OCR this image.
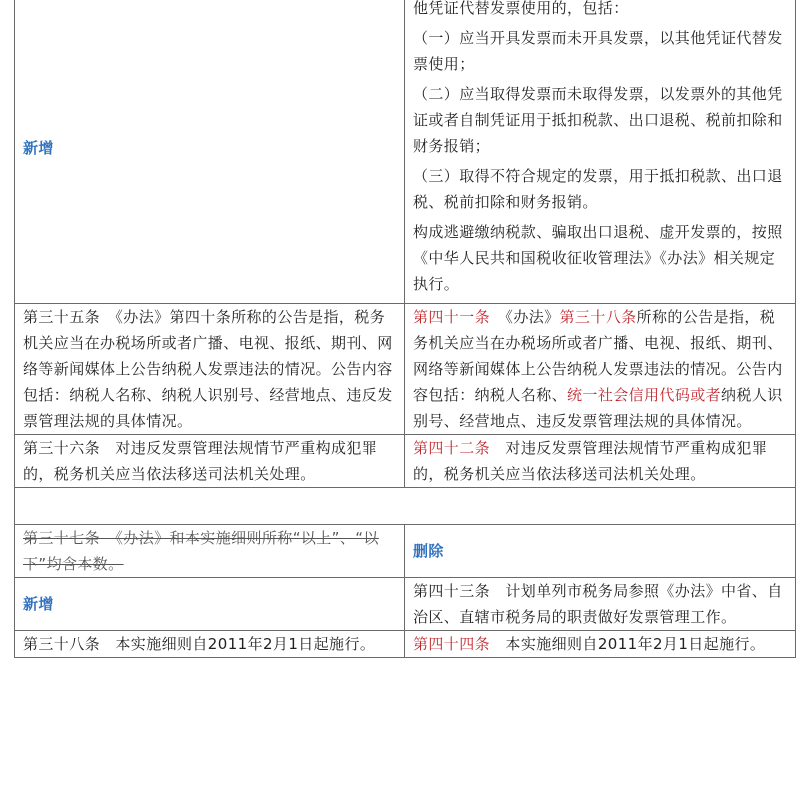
新增	他凭证代替发票使用的，包括：

（一）应当开具发票而未开具发票，以其他凭证代替发票使用；

（二）应当取得发票而未取得发票，以发票外的其他凭证或者自制凭证用于抵扣税款、出口退税、税前扣除和财务报销；

（三）取得不符合规定的发票，用于抵扣税款、出口退税、税前扣除和财务报销。

构成逃避缴纳税款、骗取出口退税、虚开发票的，按照《中华人民共和国税收征收管理法》《办法》相关规定执行。

第三十五条　《办法》第四十条所称的公告是指，税务机关应当在办税场所或者广播、电视、报纸、期刊、网络等新闻媒体上公告纳税人发票违法的情况。公告内容包括：纳税人名称、纳税人识别号、经营地点、违反发票管理法规的具体情况。	第四十一条　《办法》第三十八条所称的公告是指，税务机关应当在办税场所或者广播、电视、报纸、期刊、网络等新闻媒体上公告纳税人发票违法的情况。公告内容包括：纳税人名称、统一社会信用代码或者纳税人识别号、经营地点、违反发票管理法规的具体情况。
第三十六条　对违反发票管理法规情节严重构成犯罪的，税务机关应当依法移送司法机关处理。	第四十二条　对违反发票管理法规情节严重构成犯罪的，税务机关应当依法移送司法机关处理。

第三十七条　《办法》和本实施细则所称“以上”、“以下”均含本数。	删除
新增	第四十三条　计划单列市税务局参照《办法》中省、自治区、直辖市税务局的职责做好发票管理工作。
第三十八条　本实施细则自2011年2月1日起施行。	第四十四条　本实施细则自2011年2月1日起施行。
